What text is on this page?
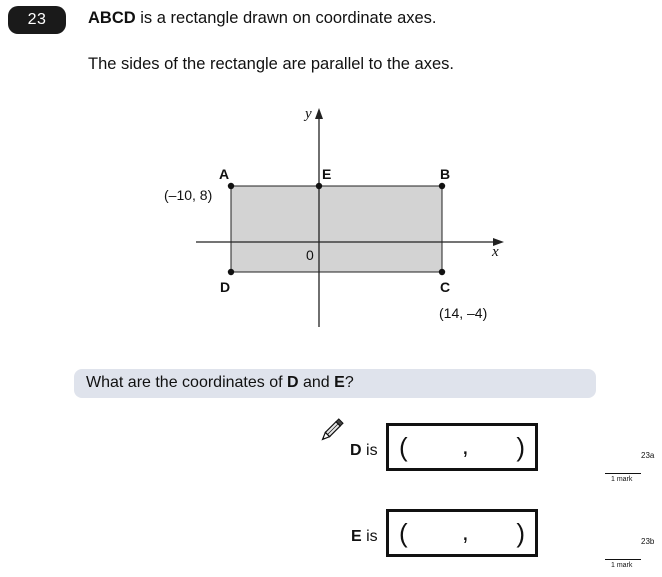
23	ABCD is a rectangle drawn on coordinate axes.
The sides of the rectangle are parallel to the axes.
A	E	B
D	C
(–10, 8)
(14, –4)
0	x
y
What are the coordinates of D and E?
D is ( , )
E is ( , )
23a
1 mark
23b
1 mark
